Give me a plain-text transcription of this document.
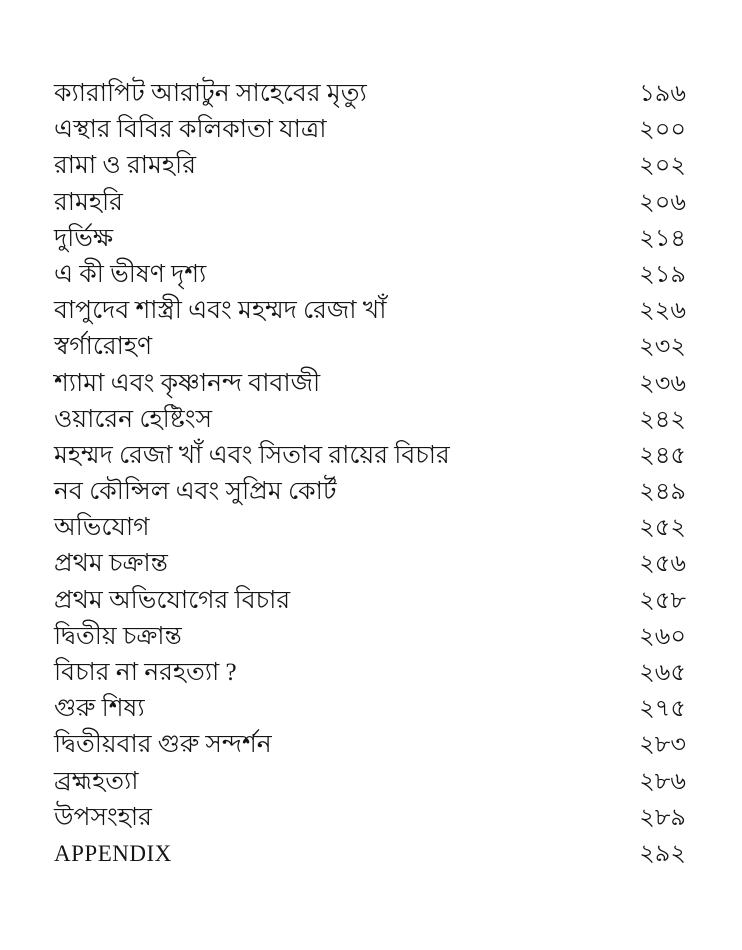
ক্যারাপিট আরাটুন সাহেবের মৃত্যু	১৯৬
এস্থার বিবির কলিকাতা যাত্রা	২০০
রামা ও রামহরি	২০২
রামহরি	২০৬
দুর্ভিক্ষ	২১৪
এ কী ভীষণ দৃশ্য	২১৯
বাপুদেব শাস্ত্রী এবং মহম্মদ রেজা খাঁ	২২৬
স্বর্গারোহণ	২৩২
শ্যামা এবং কৃষ্ণানন্দ বাবাজী	২৩৬
ওয়ারেন হেষ্টিংস	২৪২
মহম্মদ রেজা খাঁ এবং সিতাব রায়ের বিচার	২৪৫
নব কৌন্সিল এবং সুপ্রিম কোর্ট	২৪৯
অভিযোগ	২৫২
প্রথম চক্রান্ত	২৫৬
প্রথম অভিযোগের বিচার	২৫৮
দ্বিতীয় চক্রান্ত	২৬০
বিচার না নরহত্যা ?	২৬৫
গুরু শিষ্য	২৭৫
দ্বিতীয়বার গুরু সন্দর্শন	২৮৩
ব্রহ্মহত্যা	২৮৬
উপসংহার	২৮৯
APPENDIX	২৯২
